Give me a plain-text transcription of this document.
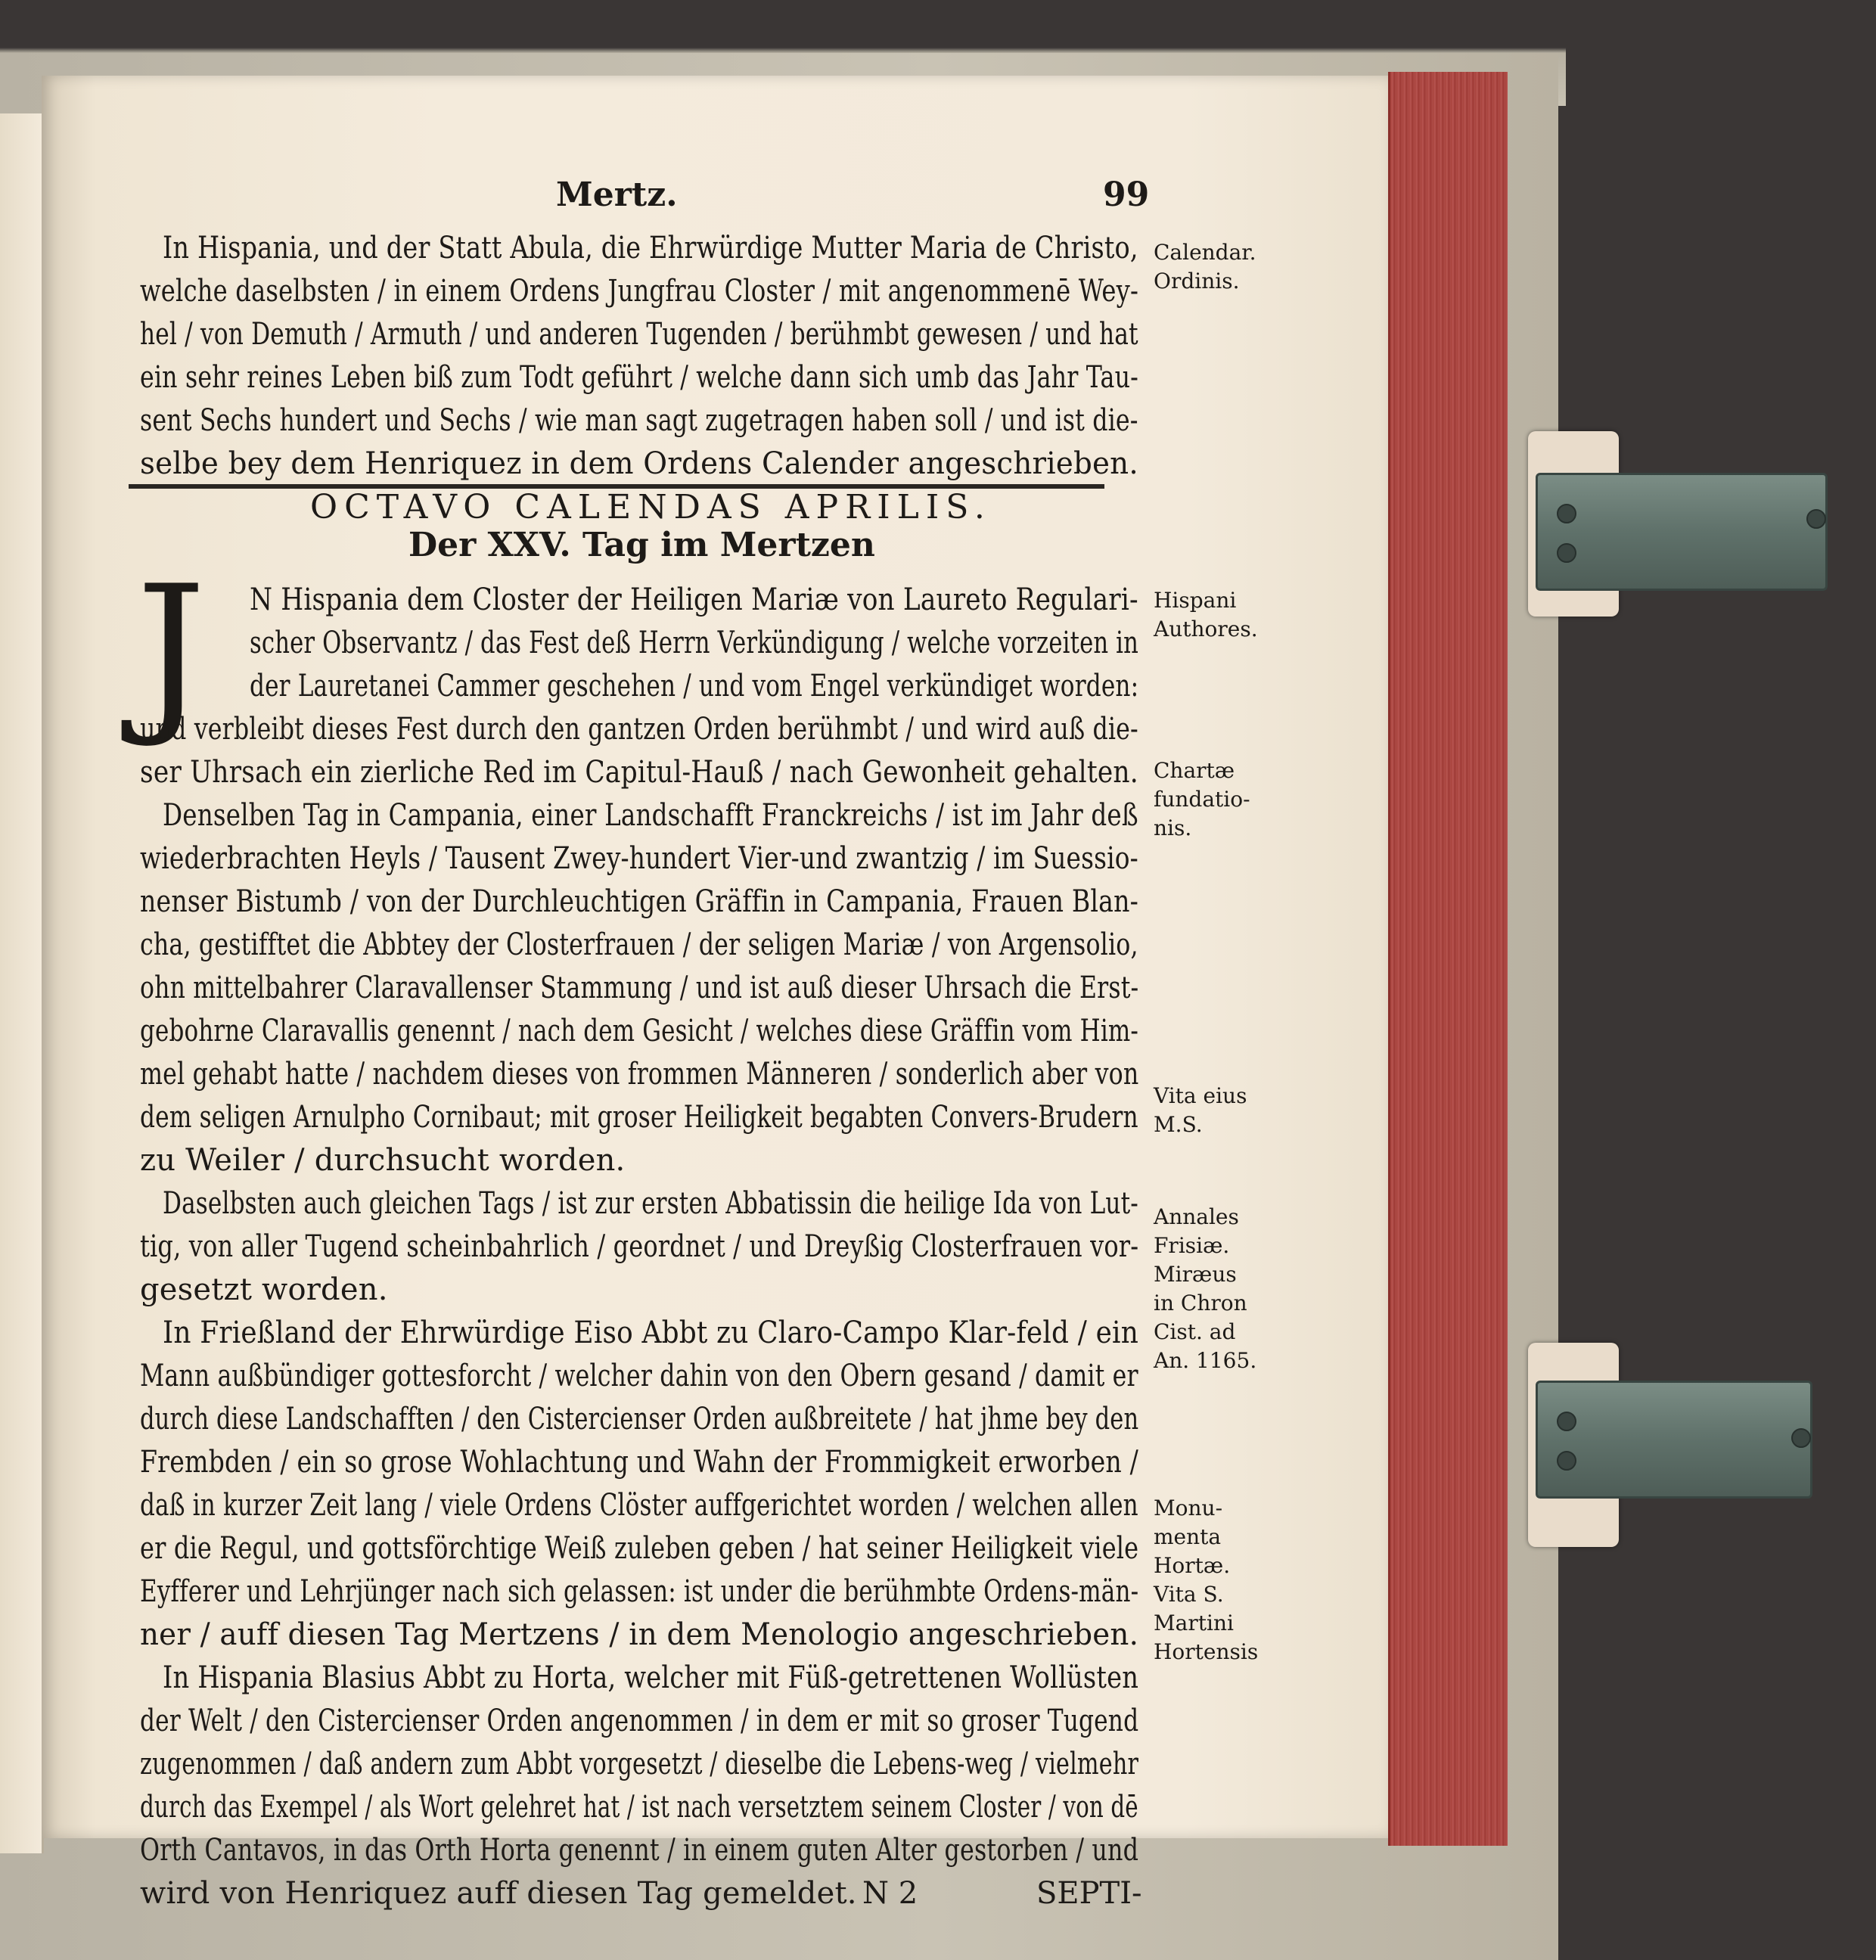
Mertz.	99
In Hispania, und der Statt Abula, die Ehrwürdige Mutter Maria de Christo,
welche daselbsten / in einem Ordens Jungfrau Closter / mit angenommenē Wey-
hel / von Demuth / Armuth / und anderen Tugenden / berühmbt gewesen / und hat
ein sehr reines Leben biß zum Todt geführt / welche dann sich umb das Jahr Tau-
sent Sechs hundert und Sechs / wie man sagt zugetragen haben soll / und ist die-
selbe bey dem Henriquez in dem Ordens Calender angeschrieben.
OCTAVO CALENDAS APRILIS.
Der XXV. Tag im Mertzen
J N Hispania dem Closter der Heiligen Mariæ von Laureto Regulari-
scher Observantz / das Fest deß Herrn Verkündigung / welche vorzeiten in
der Lauretanei Cammer geschehen / und vom Engel verkündiget worden:
und verbleibt dieses Fest durch den gantzen Orden berühmbt / und wird auß die-
ser Uhrsach ein zierliche Red im Capitul-Hauß / nach Gewonheit gehalten.
Denselben Tag in Campania, einer Landschafft Franckreichs / ist im Jahr deß
wiederbrachten Heyls / Tausent Zwey-hundert Vier-und zwantzig / im Suessio-
nenser Bistumb / von der Durchleuchtigen Gräffin in Campania, Frauen Blan-
cha, gestifftet die Abbtey der Closterfrauen / der seligen Mariæ / von Argensolio,
ohn mittelbahrer Claravallenser Stammung / und ist auß dieser Uhrsach die Erst-
gebohrne Claravallis genennt / nach dem Gesicht / welches diese Gräffin vom Him-
mel gehabt hatte / nachdem dieses von frommen Männeren / sonderlich aber von
dem seligen Arnulpho Cornibaut; mit groser Heiligkeit begabten Convers-Brudern
zu Weiler / durchsucht worden.
Daselbsten auch gleichen Tags / ist zur ersten Abbatissin die heilige Ida von Lut-
tig, von aller Tugend scheinbahrlich / geordnet / und Dreyßig Closterfrauen vor-
gesetzt worden.
In Frießland der Ehrwürdige Eiso Abbt zu Claro-Campo Klar-feld / ein
Mann außbündiger gottesforcht / welcher dahin von den Obern gesand / damit er
durch diese Landschafften / den Cistercienser Orden außbreitete / hat jhme bey den
Frembden / ein so grose Wohlachtung und Wahn der Frommigkeit erworben /
daß in kurzer Zeit lang / viele Ordens Clöster auffgerichtet worden / welchen allen
er die Regul, und gottsförchtige Weiß zuleben geben / hat seiner Heiligkeit viele
Eyfferer und Lehrjünger nach sich gelassen: ist under die berühmbte Ordens-män-
ner / auff diesen Tag Mertzens / in dem Menologio angeschrieben.
In Hispania Blasius Abbt zu Horta, welcher mit Füß-getrettenen Wollüsten
der Welt / den Cistercienser Orden angenommen / in dem er mit so groser Tugend
zugenommen / daß andern zum Abbt vorgesetzt / dieselbe die Lebens-weg / vielmehr
durch das Exempel / als Wort gelehret hat / ist nach versetztem seinem Closter / von dē
Orth Cantavos, in das Orth Horta genennt / in einem guten Alter gestorben / und
wird von Henriquez auff diesen Tag gemeldet.
Calendar.
Ordinis.
Hispani
Authores.
Chartæ
fundatio-
nis.
Vita eius
M.S.
Annales
Frisiæ.
Miræus
in Chron
Cist. ad
An. 1165.
Monu-
menta
Hortæ.
Vita S.
Martini
Hortensis
N 2	SEPTI-
